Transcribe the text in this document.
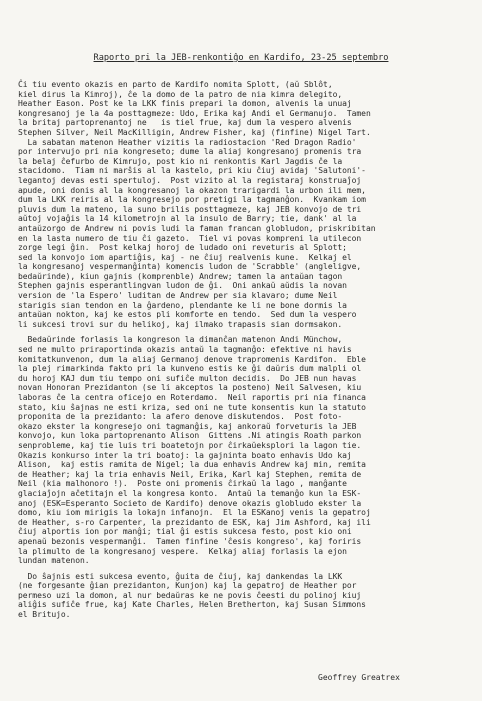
Raporto pri la JEB-renkontiĝo en Kardifo, 23-25 septembro
Ĉi tiu evento okazis en parto de Kardifo nomita Splott, (aŭ Sblôt,
kiel dirus la Kimroj), ĉe la domo de la patro de nia kimra delegito,
Heather Eason. Post ke la LKK finis prepari la domon, alvenis la unuaj
kongresanoj je la 4a posttagmeze: Udo, Erika kaj Andi el Germanujo.  Tamen
la britaj partoprenantoj ne   is tiel frue, kaj dum la vespero alvenis
Stephen Silver, Neil MacKilligin, Andrew Fisher, kaj (finfine) Nigel Tart.
La sabatan matenon Heather vizitis la radiostacion 'Red Dragon Radio'
por intervujo pri nia kongreseto; dume la aliaj kongresanoj promenis tra
la belaj ĉefurbo de Kimrujo, post kio ni renkontis Karl Jagdis ĉe la
stacidomo.  Tiam ni marŝis al la kastelo, pri kiu ĉiuj avidaj 'Salutoni'-
legantoj devas esti spertuloj.  Post vizito al la registaraj konstruaĵoj
apude, oni donis al la kongresanoj la okazon trarigardi la urbon ili mem,
dum la LKK reiris al la kongresejo por pretigi la tagmanĝon.  Kvankam iom
pluvis dum la mateno, la suno brilis posttagmeze, kaj JEB konvojo de tri
aŭtoj vojaĝis la 14 kilometrojn al la insulo de Barry; tie, dank' al la
antaŭzorgo de Andrew ni povis ludi la faman francan globludon, priskribitan
en la lasta numero de tiu ĉi gazeto.  Tiel vi povas kompreni la utilecon
zorge legi ĝin.  Post kelkaj horoj de ludado oni reveturis al Splott;
sed la konvojo iom apartiĝis, kaj - ne ĉiuj realvenis kune.  Kelkaj el
la kongresanoj vespermanĝinta) komencis ludon de 'Scrabble' (angleligve,
bedaŭrinde), kiun gajnis (komprenble) Andrew; tamen la antaŭan tagon
Stephen gajnis esperantlingvan ludon de ĝi.  Oni ankaŭ aŭdis la novan
version de 'la Espero' luditan de Andrew per sia klavaro; dume Neil
starigis sian tendon en la ĝardeno, plendante ke li ne bone dormis la
antaŭan nokton, kaj ke estos pli komforte en tendo.  Sed dum la vespero
li sukcesi trovi sur du helikoj, kaj ilmako trapasis sian dormsakon.
Bedaŭrinde forlasis la kongreson la dimanĉan matenon Andi Münchow,
sed ne multo priraportinda okazis antaŭ la tagmanĝo: efektive ni havis
komitatkunvenon, dum la aliaj Germanoj denove trapromenis Kardifon.  Eble
la plej rimarkinda fakto pri la kunveno estis ke ĝi daŭris dum malpli ol
du horoj KAJ dum tiu tempo oni sufiĉe multon decidis.  Do JEB nun havas
novan Honoran Prezidanton (se li akceptos la posteno) Neil Salvesen, kiu
laboras ĉe la centra oficejo en Roterdamo.  Neil raportis pri nia financa
stato, kiu ŝajnas ne esti kriza, sed oni ne tute konsentis kun la statuto
proponita de la prezidanto: la afero denove diskutendos.  Post foto-
okazo ekster la kongresejo oni tagmanĝis, kaj ankoraŭ forveturis la JEB
konvojo, kun loka partoprenanto Alison  Gittens .Ni atingis Roath parkon
senprobleme, kaj tie luis tri boatetojn por ĉirkaŭeksplori la lagon tie.
Okazis konkurso inter la tri boatoj: la gajninta boato enhavis Udo kaj
Alison,  kaj estis ramita de Nigel; la dua enhavis Andrew kaj min, remita
de Heather; kaj la tria enhavis Neil, Erika, Karl kaj Stephen, remita de
Neil (kia malhonoro !).  Poste oni promenis ĉirkaŭ la lago , manĝante
glaciaĵojn aĉetitajn el la kongresa konto.  Antaŭ la temanĝo kun la ESK-
anoj (ESK=Esperanto Societo de Kardifo) denove okazis globludo ekster la
domo, kiu iom mirigis la lokajn infanojn.  El la ESKanoj venis la gepatroj
de Heather, s-ro Carpenter, la prezidanto de ESK, kaj Jim Ashford, kaj ili
ĉiuj alportis ion por manĝi; tial ĝi estis sukcesa festo, post kio oni
apenaŭ bezonis vespermanĝi.  Tamen finfine 'ĉesis kongreso', kaj foriris
la plimulto de la kongresanoj vespere.  Kelkaj aliaj forlasis la ejon
lundan matenon.
Do ŝajnis esti sukcesa evento, ĝuita de ĉiuj, kaj dankendas la LKK
(ne forgesante ĝian prezidanton, Kunjon) kaj la gepatroj de Heather por
permeso uzi la domon, al nur bedaŭras ke ne povis ĉeesti du polinoj kiuj
aliĝis sufiĉe frue, kaj Kate Charles, Helen Bretherton, kaj Susan Simmons
el Britujo.
Geoffrey Greatrex
